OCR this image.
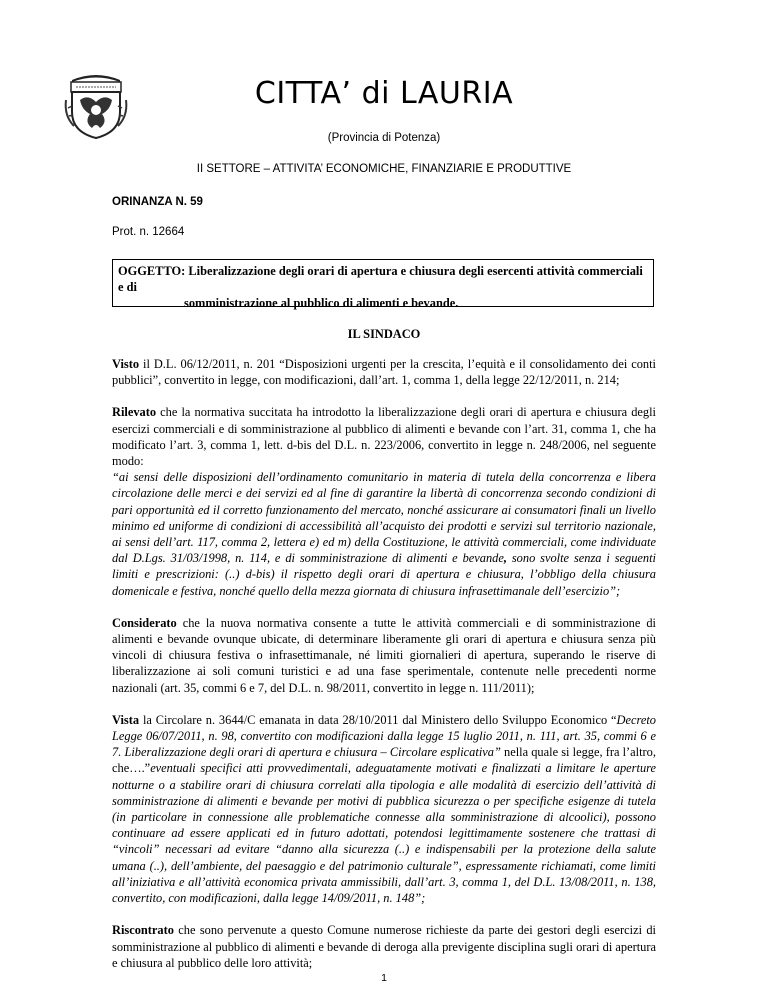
CITTA’ di LAURIA
(Provincia di Potenza)
II SETTORE – ATTIVITA’ ECONOMICHE, FINANZIARIE E PRODUTTIVE
ORINANZA N. 59
Prot. n. 12664
OGGETTO: Liberalizzazione degli orari di apertura e chiusura degli esercenti attività commerciali e di
somministrazione al pubblico di alimenti e bevande.
IL SINDACO

Visto il D.L. 06/12/2011, n. 201 “Disposizioni urgenti per la crescita, l’equità e il consolidamento dei conti pubblici”, convertito in legge, con modificazioni, dall’art. 1, comma 1, della legge 22/12/2011, n. 214;

Rilevato che la normativa succitata ha introdotto la liberalizzazione degli orari di apertura e chiusura degli esercizi commerciali e di somministrazione al pubblico di alimenti e bevande con l’art. 31, comma 1, che ha modificato l’art. 3, comma 1, lett. d-bis del D.L. n. 223/2006, convertito in legge n. 248/2006, nel seguente modo:

“ai sensi delle disposizioni dell’ordinamento comunitario in materia di tutela della concorrenza e libera circolazione delle merci e dei servizi ed al fine di garantire la libertà di concorrenza secondo condizioni di pari opportunità ed il corretto funzionamento del mercato, nonché assicurare ai consumatori finali un livello minimo ed uniforme di condizioni di accessibilità all’acquisto dei prodotti e servizi sul territorio nazionale, ai sensi dell’art. 117, comma 2, lettera e) ed m) della Costituzione, le attività commerciali, come individuate dal D.Lgs. 31/03/1998, n. 114, e di somministrazione di alimenti e bevande, sono svolte senza i seguenti limiti e prescrizioni: (..) d-bis) il rispetto degli orari di apertura e chiusura, l’obbligo della chiusura domenicale e festiva, nonché quello della mezza giornata di chiusura infrasettimanale dell’esercizio”;

Considerato che la nuova normativa consente a tutte le attività commerciali e di somministrazione di alimenti e bevande ovunque ubicate, di determinare liberamente gli orari di apertura e chiusura senza più vincoli di chiusura festiva o infrasettimanale, né limiti giornalieri di apertura, superando le riserve di liberalizzazione ai soli comuni turistici e ad una fase sperimentale, contenute nelle precedenti norme nazionali (art. 35, commi 6 e 7, del D.L. n. 98/2011, convertito in legge n. 111/2011);

Vista la Circolare n. 3644/C emanata in data 28/10/2011 dal Ministero dello Sviluppo Economico “Decreto Legge 06/07/2011, n. 98, convertito con modificazioni dalla legge 15 luglio 2011, n. 111, art. 35, commi 6 e 7. Liberalizzazione degli orari di apertura e chiusura – Circolare esplicativa” nella quale si legge, fra l’altro, che….”eventuali specifici atti provvedimentali, adeguatamente motivati e finalizzati a limitare le aperture notturne o a stabilire orari di chiusura correlati alla tipologia e alle modalità di esercizio dell’attività di somministrazione di alimenti e bevande per motivi di pubblica sicurezza o per specifiche esigenze di tutela (in particolare in connessione alle problematiche connesse alla somministrazione di alcoolici), possono continuare ad essere applicati ed in futuro adottati, potendosi legittimamente sostenere che trattasi di “vincoli” necessari ad evitare “danno alla sicurezza (..) e indispensabili per la protezione della salute umana (..), dell’ambiente, del paesaggio e del patrimonio culturale”, espressamente richiamati, come limiti all’iniziativa e all’attività economica privata ammissibili, dall’art. 3, comma 1, del D.L. 13/08/2011, n. 138, convertito, con modificazioni, dalla legge 14/09/2011, n. 148”;

Riscontrato che sono pervenute a questo Comune numerose richieste da parte dei gestori degli esercizi di somministrazione al pubblico di alimenti e bevande di deroga alla previgente disciplina sugli orari di apertura e chiusura al pubblico delle loro attività;

1
